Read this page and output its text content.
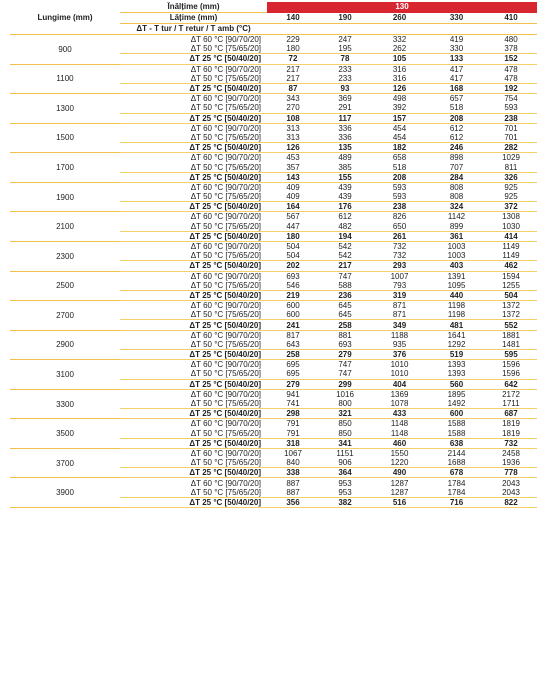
Lungime (mm)	Înălțime (mm)	130				
	Lățime (mm)	140	190	260	330	410
	ΔT - T tur / T retur / T amb (°C)					
900	ΔT 60 °C [90/70/20]	229	247	332	419	480
	ΔT 50 °C [75/65/20]	180	195	262	330	378
	ΔT 25 °C [50/40/20]	72	78	105	133	152
1100	ΔT 60 °C [90/70/20]	217	233	316	417	478
	ΔT 50 °C [75/65/20]	217	233	316	417	478
	ΔT 25 °C [50/40/20]	87	93	126	168	192
1300	ΔT 60 °C [90/70/20]	343	369	498	657	754
	ΔT 50 °C [75/65/20]	270	291	392	518	593
	ΔT 25 °C [50/40/20]	108	117	157	208	238
1500	ΔT 60 °C [90/70/20]	313	336	454	612	701
	ΔT 50 °C [75/65/20]	313	336	454	612	701
	ΔT 25 °C [50/40/20]	126	135	182	246	282
1700	ΔT 60 °C [90/70/20]	453	489	658	898	1029
	ΔT 50 °C [75/65/20]	357	385	518	707	811
	ΔT 25 °C [50/40/20]	143	155	208	284	326
1900	ΔT 60 °C [90/70/20]	409	439	593	808	925
	ΔT 50 °C [75/65/20]	409	439	593	808	925
	ΔT 25 °C [50/40/20]	164	176	238	324	372
2100	ΔT 60 °C [90/70/20]	567	612	826	1142	1308
	ΔT 50 °C [75/65/20]	447	482	650	899	1030
	ΔT 25 °C [50/40/20]	180	194	261	361	414
2300	ΔT 60 °C [90/70/20]	504	542	732	1003	1149
	ΔT 50 °C [75/65/20]	504	542	732	1003	1149
	ΔT 25 °C [50/40/20]	202	217	293	403	462
2500	ΔT 60 °C [90/70/20]	693	747	1007	1391	1594
	ΔT 50 °C [75/65/20]	546	588	793	1095	1255
	ΔT 25 °C [50/40/20]	219	236	319	440	504
2700	ΔT 60 °C [90/70/20]	600	645	871	1198	1372
	ΔT 50 °C [75/65/20]	600	645	871	1198	1372
	ΔT 25 °C [50/40/20]	241	258	349	481	552
2900	ΔT 60 °C [90/70/20]	817	881	1188	1641	1881
	ΔT 50 °C [75/65/20]	643	693	935	1292	1481
	ΔT 25 °C [50/40/20]	258	279	376	519	595
3100	ΔT 60 °C [90/70/20]	695	747	1010	1393	1596
	ΔT 50 °C [75/65/20]	695	747	1010	1393	1596
	ΔT 25 °C [50/40/20]	279	299	404	560	642
3300	ΔT 60 °C [90/70/20]	941	1016	1369	1895	2172
	ΔT 50 °C [75/65/20]	741	800	1078	1492	1711
	ΔT 25 °C [50/40/20]	298	321	433	600	687
3500	ΔT 60 °C [90/70/20]	791	850	1148	1588	1819
	ΔT 50 °C [75/65/20]	791	850	1148	1588	1819
	ΔT 25 °C [50/40/20]	318	341	460	638	732
3700	ΔT 60 °C [90/70/20]	1067	1151	1550	2144	2458
	ΔT 50 °C [75/65/20]	840	906	1220	1688	1936
	ΔT 25 °C [50/40/20]	338	364	490	678	778
3900	ΔT 60 °C [90/70/20]	887	953	1287	1784	2043
	ΔT 50 °C [75/65/20]	887	953	1287	1784	2043
	ΔT 25 °C [50/40/20]	356	382	516	716	822
